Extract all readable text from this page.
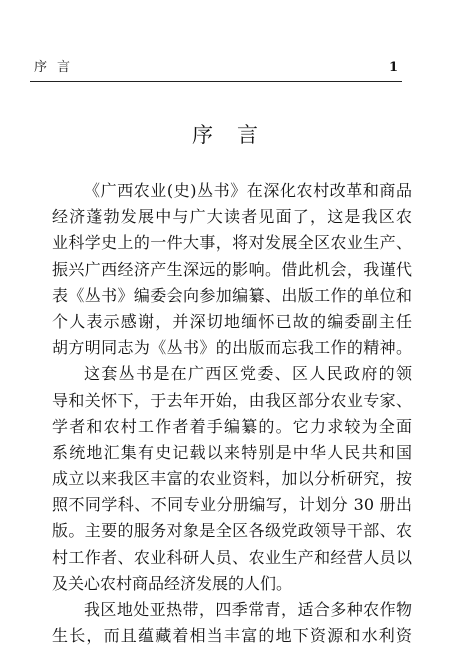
序言	1
序言
《广西农业(史)丛书》在深化农村改革和商品
经济蓬勃发展中与广大读者见面了，这是我区农
业科学史上的一件大事，将对发展全区农业生产、
振兴广西经济产生深远的影响。借此机会，我谨代
表《丛书》编委会向参加编纂、出版工作的单位和
个人表示感谢，并深切地缅怀已故的编委副主任
胡方明同志为《丛书》的出版而忘我工作的精神。
这套丛书是在广西区党委、区人民政府的领
导和关怀下，于去年开始，由我区部分农业专家、
学者和农村工作者着手编纂的。它力求较为全面
系统地汇集有史记载以来特别是中华人民共和国
成立以来我区丰富的农业资料，加以分析研究，按
照不同学科、不同专业分册编写，计划分 30 册出
版。主要的服务对象是全区各级党政领导干部、农
村工作者、农业科研人员、农业生产和经营人员以
及关心农村商品经济发展的人们。
我区地处亚热带，四季常青，适合多种农作物
生长，而且蕴藏着相当丰富的地下资源和水利资
